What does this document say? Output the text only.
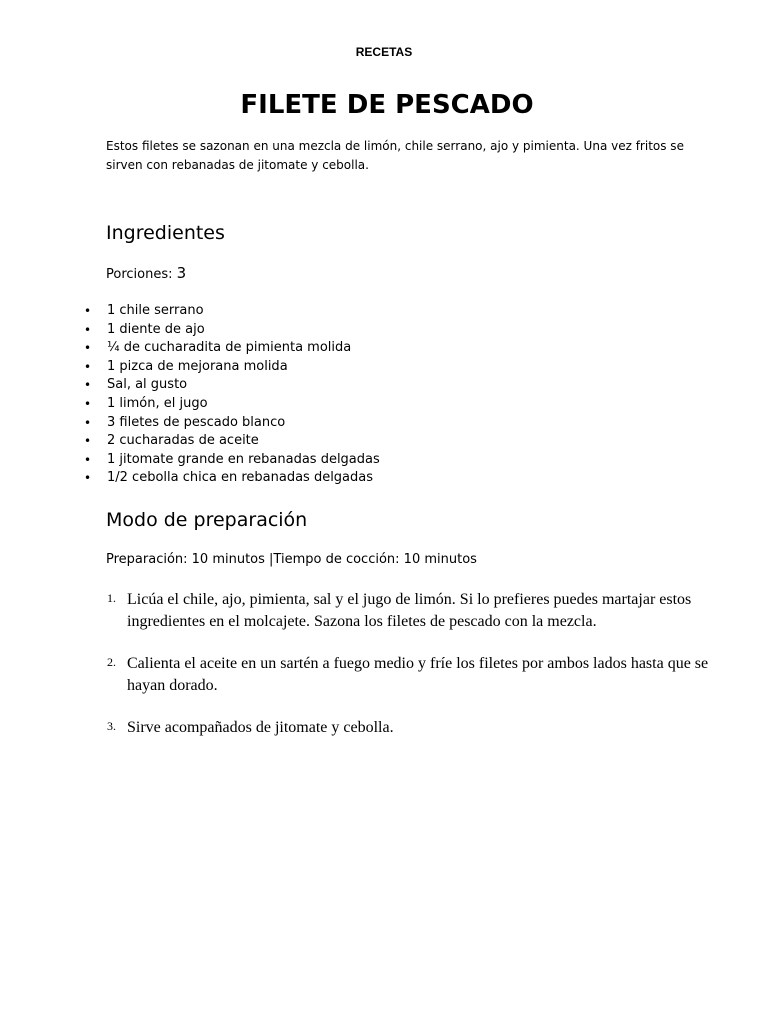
RECETAS
FILETE DE PESCADO

Estos filetes se sazonan en una mezcla de limón, chile serrano, ajo y pimienta. Una vez fritos se sirven con rebanadas de jitomate y cebolla.

Ingredientes

Porciones: 3

• 1 chile serrano
• 1 diente de ajo
• ¼ de cucharadita de pimienta molida
• 1 pizca de mejorana molida
• Sal, al gusto
• 1 limón, el jugo
• 3 filetes de pescado blanco
• 2 cucharadas de aceite
• 1 jitomate grande en rebanadas delgadas
• 1/2 cebolla chica en rebanadas delgadas
Modo de preparación

Preparación: 10 minutos |Tiempo de cocción: 10 minutos

1. Licúa el chile, ajo, pimienta, sal y el jugo de limón. Si lo prefieres puedes martajar estos ingredientes en el molcajete. Sazona los filetes de pescado con la mezcla.
2. Calienta el aceite en un sartén a fuego medio y fríe los filetes por ambos lados hasta que se hayan dorado.
3. Sirve acompañados de jitomate y cebolla.
